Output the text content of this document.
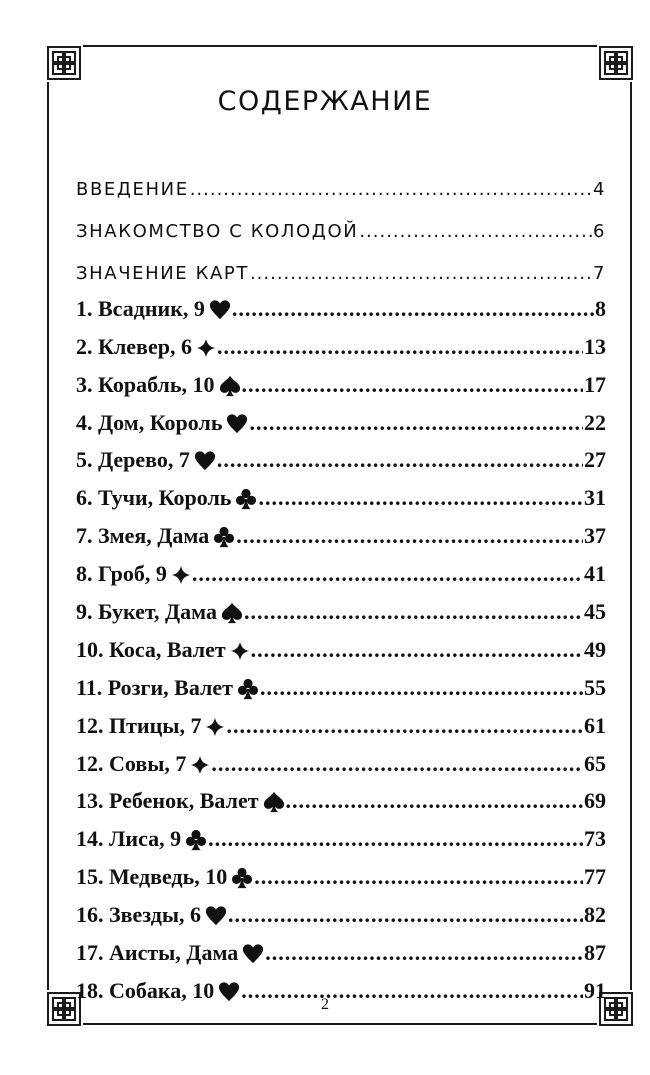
СОДЕРЖАНИЕ
ВВЕДЕНИЕ .....	4
ЗНАКОМСТВО С КОЛОДОЙ .....	6
ЗНАЧЕНИЕ КАРТ .....	7
1. Всадник, 9 .....	8
2. Клевер, 6 .....	13
3. Корабль, 10 .....	17
4. Дом, Король .....	22
5. Дерево, 7 .....	27
6. Тучи, Король .....	31
7. Змея, Дама .....	37
8. Гроб, 9 .....	41
9. Букет, Дама .....	45
10. Коса, Валет .....	49
11. Розги, Валет .....	55
12. Птицы, 7 .....	61
12. Совы, 7 .....	65
13. Ребенок, Валет .....	69
14. Лиса, 9 .....	73
15. Медведь, 10 .....	77
16. Звезды, 6 .....	82
17. Аисты, Дама .....	87
18. Собака, 10 .....	91
2
